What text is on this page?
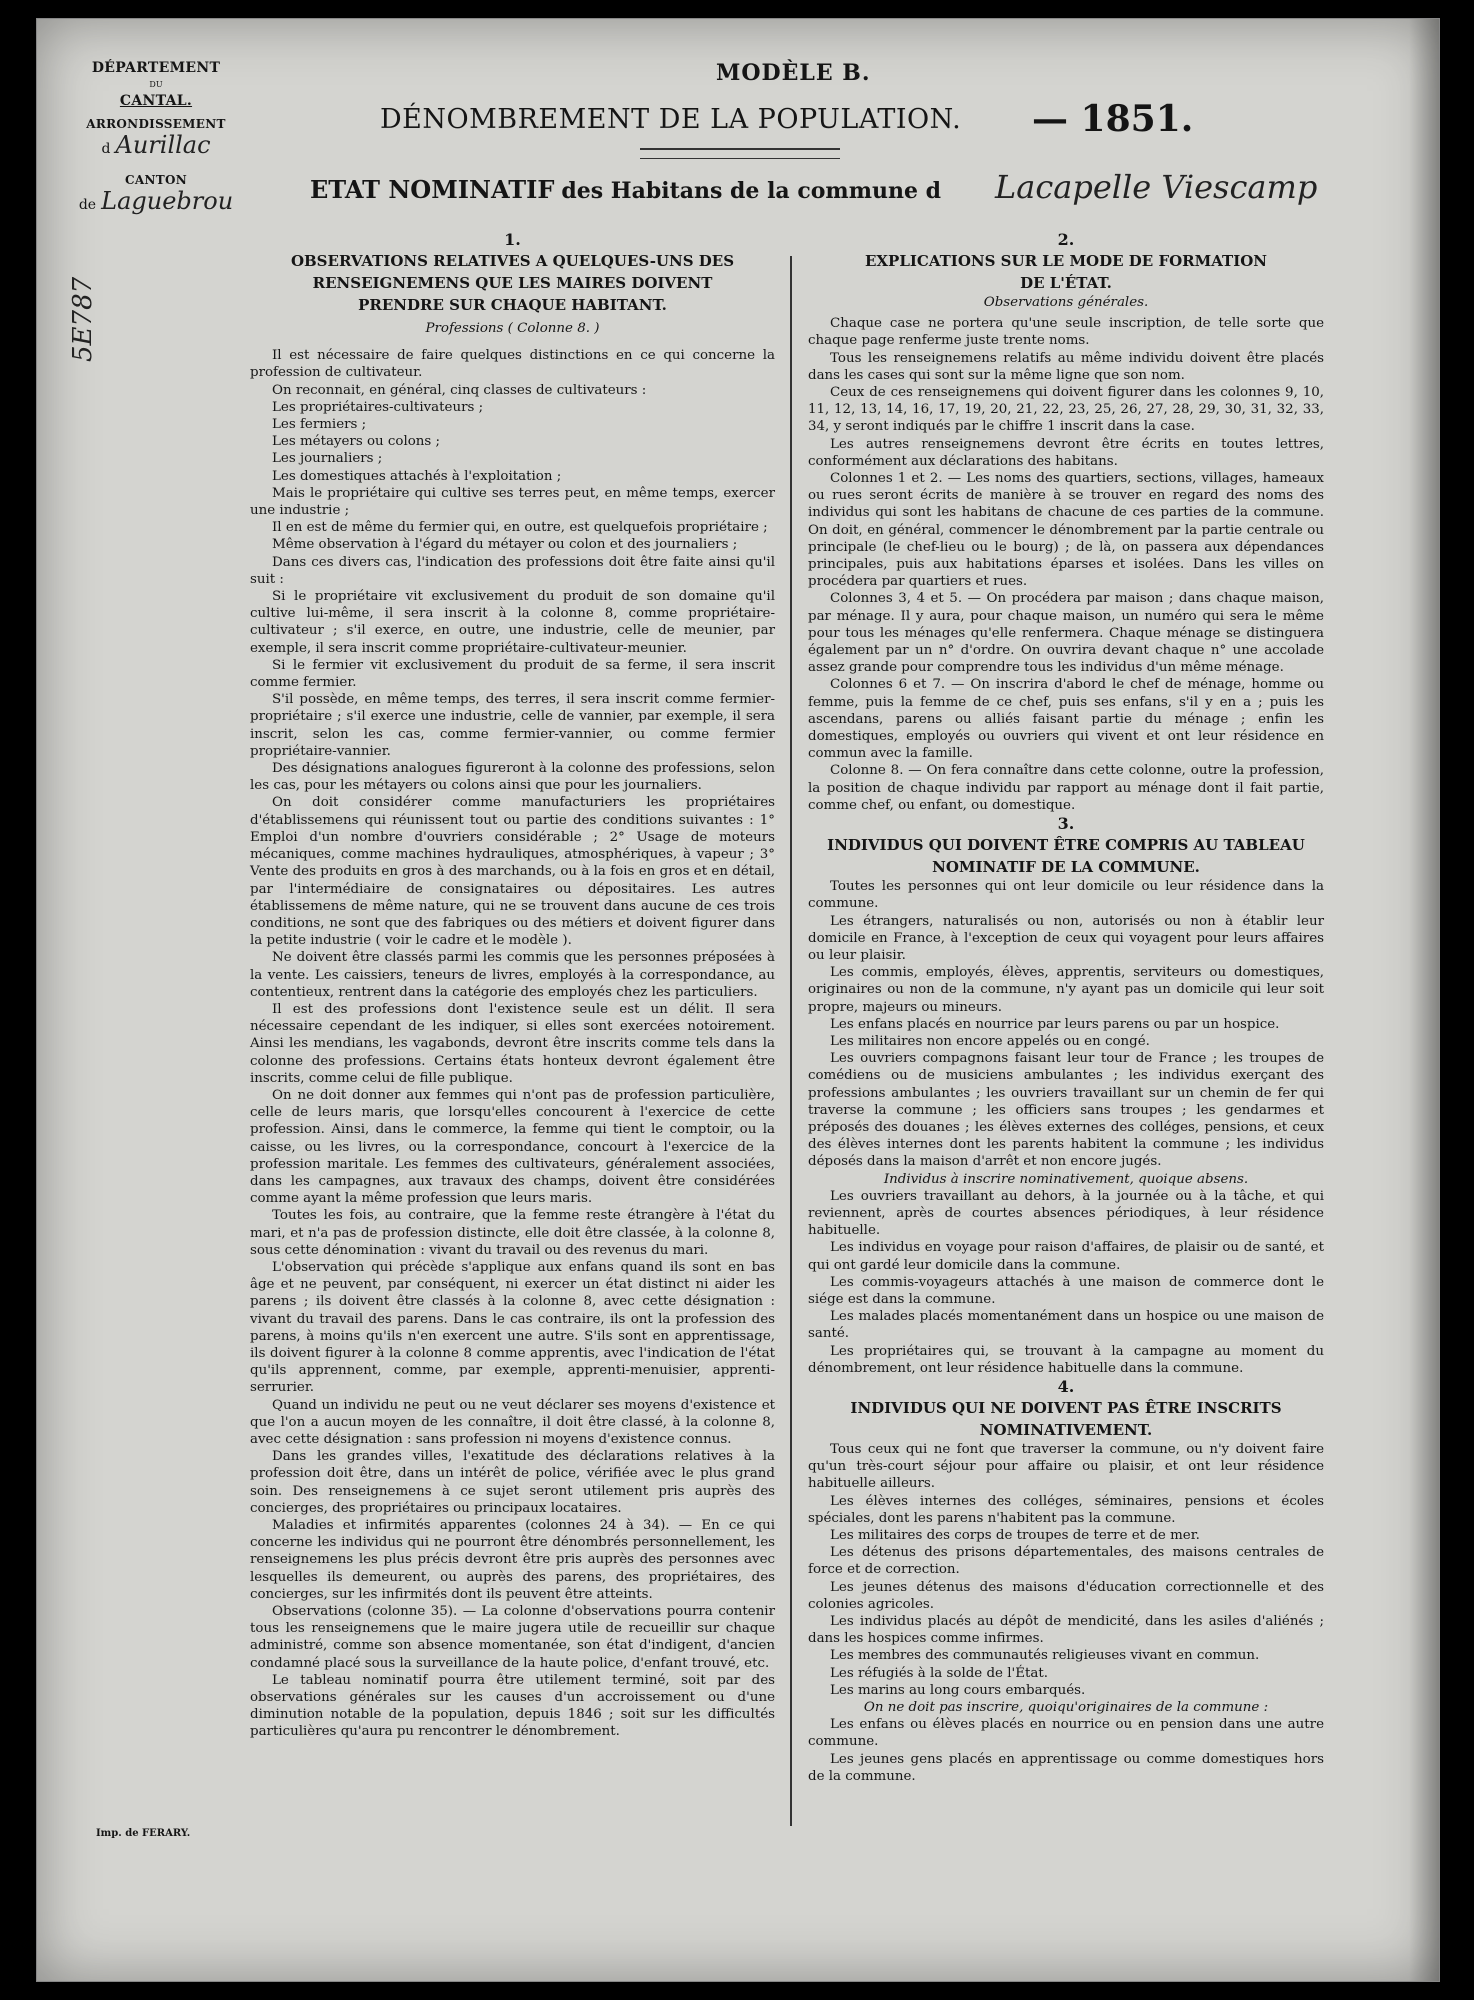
MODÈLE B.
DÉNOMBREMENT DE LA POPULATION. — 1851.
ETAT NOMINATIF des Habitans de la commune d Lacapelle Viescamp
DÉPARTEMENT
DU
CANTAL.
ARRONDISSEMENT
d Aurillac
CANTON
de Laguebrou
5E787
Imp. de FERARY.

1.

OBSERVATIONS RELATIVES A QUELQUES-UNS DES

RENSEIGNEMENS QUE LES MAIRES DOIVENT

PRENDRE SUR CHAQUE HABITANT.

Professions ( Colonne 8. )

Il est nécessaire de faire quelques distinctions en ce qui concerne la profession de cultivateur.

On reconnait, en général, cinq classes de cultivateurs :

Les propriétaires-cultivateurs ;

Les fermiers ;

Les métayers ou colons ;

Les journaliers ;

Les domestiques attachés à l'exploitation ;

Mais le propriétaire qui cultive ses terres peut, en même temps, exercer une industrie ;

Il en est de même du fermier qui, en outre, est quelquefois propriétaire ;

Même observation à l'égard du métayer ou colon et des journaliers ;

Dans ces divers cas, l'indication des professions doit être faite ainsi qu'il suit :

Si le propriétaire vit exclusivement du produit de son domaine qu'il cultive lui-même, il sera inscrit à la colonne 8, comme propriétaire-cultivateur ; s'il exerce, en outre, une industrie, celle de meunier, par exemple, il sera inscrit comme propriétaire-cultivateur-meunier.

Si le fermier vit exclusivement du produit de sa ferme, il sera inscrit comme fermier.

S'il possède, en même temps, des terres, il sera inscrit comme fermier-propriétaire ; s'il exerce une industrie, celle de vannier, par exemple, il sera inscrit, selon les cas, comme fermier-vannier, ou comme fermier propriétaire-vannier.

Des désignations analogues figureront à la colonne des professions, selon les cas, pour les métayers ou colons ainsi que pour les journaliers.

On doit considérer comme manufacturiers les propriétaires d'établissemens qui réunissent tout ou partie des conditions suivantes : 1° Emploi d'un nombre d'ouvriers considérable ; 2° Usage de moteurs mécaniques, comme machines hydrauliques, atmosphériques, à vapeur ; 3° Vente des produits en gros à des marchands, ou à la fois en gros et en détail, par l'intermédiaire de consignataires ou dépositaires. Les autres établissemens de même nature, qui ne se trouvent dans aucune de ces trois conditions, ne sont que des fabriques ou des métiers et doivent figurer dans la petite industrie ( voir le cadre et le modèle ).

Ne doivent être classés parmi les commis que les personnes préposées à la vente. Les caissiers, teneurs de livres, employés à la correspondance, au contentieux, rentrent dans la catégorie des employés chez les particuliers.

Il est des professions dont l'existence seule est un délit. Il sera nécessaire cependant de les indiquer, si elles sont exercées notoirement. Ainsi les mendians, les vagabonds, devront être inscrits comme tels dans la colonne des professions. Certains états honteux devront également être inscrits, comme celui de fille publique.

On ne doit donner aux femmes qui n'ont pas de profession particulière, celle de leurs maris, que lorsqu'elles concourent à l'exercice de cette profession. Ainsi, dans le commerce, la femme qui tient le comptoir, ou la caisse, ou les livres, ou la correspondance, concourt à l'exercice de la profession maritale. Les femmes des cultivateurs, généralement associées, dans les campagnes, aux travaux des champs, doivent être considérées comme ayant la même profession que leurs maris.

Toutes les fois, au contraire, que la femme reste étrangère à l'état du mari, et n'a pas de profession distincte, elle doit être classée, à la colonne 8, sous cette dénomination : vivant du travail ou des revenus du mari.

L'observation qui précède s'applique aux enfans quand ils sont en bas âge et ne peuvent, par conséquent, ni exercer un état distinct ni aider les parens ; ils doivent être classés à la colonne 8, avec cette désignation : vivant du travail des parens. Dans le cas contraire, ils ont la profession des parens, à moins qu'ils n'en exercent une autre. S'ils sont en apprentissage, ils doivent figurer à la colonne 8 comme apprentis, avec l'indication de l'état qu'ils apprennent, comme, par exemple, apprenti-menuisier, apprenti-serrurier.

Quand un individu ne peut ou ne veut déclarer ses moyens d'existence et que l'on a aucun moyen de les connaître, il doit être classé, à la colonne 8, avec cette désignation : sans profession ni moyens d'existence connus.

Dans les grandes villes, l'exatitude des déclarations relatives à la profession doit être, dans un intérêt de police, vérifiée avec le plus grand soin. Des renseignemens à ce sujet seront utilement pris auprès des concierges, des propriétaires ou principaux locataires.

Maladies et infirmités apparentes (colonnes 24 à 34). — En ce qui concerne les individus qui ne pourront être dénombrés personnellement, les renseignemens les plus précis devront être pris auprès des personnes avec lesquelles ils demeurent, ou auprès des parens, des propriétaires, des concierges, sur les infirmités dont ils peuvent être atteints.

Observations (colonne 35). — La colonne d'observations pourra contenir tous les renseignemens que le maire jugera utile de recueillir sur chaque administré, comme son absence momentanée, son état d'indigent, d'ancien condamné placé sous la surveillance de la haute police, d'enfant trouvé, etc.

Le tableau nominatif pourra être utilement terminé, soit par des observations générales sur les causes d'un accroissement ou d'une diminution notable de la population, depuis 1846 ; soit sur les difficultés particulières qu'aura pu rencontrer le dénombrement.

2.

EXPLICATIONS SUR LE MODE DE FORMATION

DE L'ÉTAT.

Observations générales.

Chaque case ne portera qu'une seule inscription, de telle sorte que chaque page renferme juste trente noms.

Tous les renseignemens relatifs au même individu doivent être placés dans les cases qui sont sur la même ligne que son nom.

Ceux de ces renseignemens qui doivent figurer dans les colonnes 9, 10, 11, 12, 13, 14, 16, 17, 19, 20, 21, 22, 23, 25, 26, 27, 28, 29, 30, 31, 32, 33, 34, y seront indiqués par le chiffre 1 inscrit dans la case.

Les autres renseignemens devront être écrits en toutes lettres, conformément aux déclarations des habitans.

Colonnes 1 et 2. — Les noms des quartiers, sections, villages, hameaux ou rues seront écrits de manière à se trouver en regard des noms des individus qui sont les habitans de chacune de ces parties de la commune. On doit, en général, commencer le dénombrement par la partie centrale ou principale (le chef-lieu ou le bourg) ; de là, on passera aux dépendances principales, puis aux habitations éparses et isolées. Dans les villes on procédera par quartiers et rues.

Colonnes 3, 4 et 5. — On procédera par maison ; dans chaque maison, par ménage. Il y aura, pour chaque maison, un numéro qui sera le même pour tous les ménages qu'elle renfermera. Chaque ménage se distinguera également par un n° d'ordre. On ouvrira devant chaque n° une accolade assez grande pour comprendre tous les individus d'un même ménage.

Colonnes 6 et 7. — On inscrira d'abord le chef de ménage, homme ou femme, puis la femme de ce chef, puis ses enfans, s'il y en a ; puis les ascendans, parens ou alliés faisant partie du ménage ; enfin les domestiques, employés ou ouvriers qui vivent et ont leur résidence en commun avec la famille.

Colonne 8. — On fera connaître dans cette colonne, outre la profession, la position de chaque individu par rapport au ménage dont il fait partie, comme chef, ou enfant, ou domestique.

3.

INDIVIDUS QUI DOIVENT ÊTRE COMPRIS AU TABLEAU

NOMINATIF DE LA COMMUNE.

Toutes les personnes qui ont leur domicile ou leur résidence dans la commune.

Les étrangers, naturalisés ou non, autorisés ou non à établir leur domicile en France, à l'exception de ceux qui voyagent pour leurs affaires ou leur plaisir.

Les commis, employés, élèves, apprentis, serviteurs ou domestiques, originaires ou non de la commune, n'y ayant pas un domicile qui leur soit propre, majeurs ou mineurs.

Les enfans placés en nourrice par leurs parens ou par un hospice.

Les militaires non encore appelés ou en congé.

Les ouvriers compagnons faisant leur tour de France ; les troupes de comédiens ou de musiciens ambulantes ; les individus exerçant des professions ambulantes ; les ouvriers travaillant sur un chemin de fer qui traverse la commune ; les officiers sans troupes ; les gendarmes et préposés des douanes ; les élèves externes des colléges, pensions, et ceux des élèves internes dont les parents habitent la commune ; les individus déposés dans la maison d'arrêt et non encore jugés.

Individus à inscrire nominativement, quoique absens.

Les ouvriers travaillant au dehors, à la journée ou à la tâche, et qui reviennent, après de courtes absences périodiques, à leur résidence habituelle.

Les individus en voyage pour raison d'affaires, de plaisir ou de santé, et qui ont gardé leur domicile dans la commune.

Les commis-voyageurs attachés à une maison de commerce dont le siége est dans la commune.

Les malades placés momentanément dans un hospice ou une maison de santé.

Les propriétaires qui, se trouvant à la campagne au moment du dénombrement, ont leur résidence habituelle dans la commune.

4.

INDIVIDUS QUI NE DOIVENT PAS ÊTRE INSCRITS

NOMINATIVEMENT.

Tous ceux qui ne font que traverser la commune, ou n'y doivent faire qu'un très-court séjour pour affaire ou plaisir, et ont leur résidence habituelle ailleurs.

Les élèves internes des colléges, séminaires, pensions et écoles spéciales, dont les parens n'habitent pas la commune.

Les militaires des corps de troupes de terre et de mer.

Les détenus des prisons départementales, des maisons centrales de force et de correction.

Les jeunes détenus des maisons d'éducation correctionnelle et des colonies agricoles.

Les individus placés au dépôt de mendicité, dans les asiles d'aliénés ; dans les hospices comme infirmes.

Les membres des communautés religieuses vivant en commun.

Les réfugiés à la solde de l'État.

Les marins au long cours embarqués.

On ne doit pas inscrire, quoiqu'originaires de la commune :

Les enfans ou élèves placés en nourrice ou en pension dans une autre commune.

Les jeunes gens placés en apprentissage ou comme domestiques hors de la commune.
